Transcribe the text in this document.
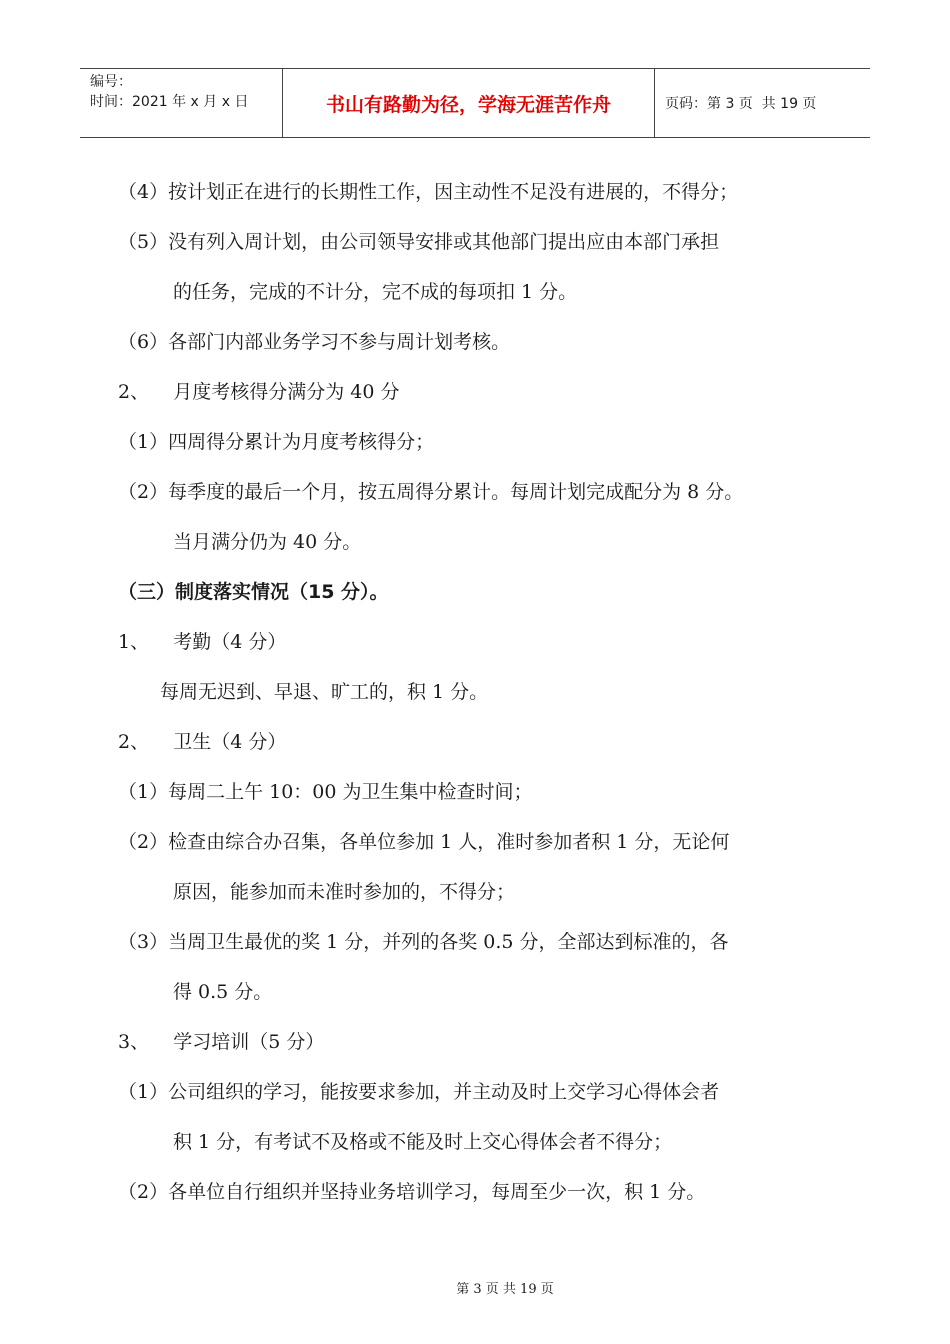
编号：
时间：2021 年 x 月 x 日	书山有路勤为径，学海无涯苦作舟	页码：第 3 页  共 19 页
（4）按计划正在进行的长期性工作，因主动性不足没有进展的，不得分；
（5）没有列入周计划，由公司领导安排或其他部门提出应由本部门承担
的任务，完成的不计分，完不成的每项扣 1 分。
（6）各部门内部业务学习不参与周计划考核。
2、    月度考核得分满分为 40 分
（1）四周得分累计为月度考核得分；
（2）每季度的最后一个月，按五周得分累计。每周计划完成配分为 8 分。
当月满分仍为 40 分。
（三）制度落实情况（15 分）。
1、    考勤（4 分）
每周无迟到、早退、旷工的，积 1 分。
2、    卫生（4 分）
（1）每周二上午 10：00 为卫生集中检查时间；
（2）检查由综合办召集，各单位参加 1 人，准时参加者积 1 分，无论何
原因，能参加而未准时参加的，不得分；
（3）当周卫生最优的奖 1 分，并列的各奖 0.5 分，全部达到标准的，各
得 0.5 分。
3、    学习培训（5 分）
（1）公司组织的学习，能按要求参加，并主动及时上交学习心得体会者
积 1 分，有考试不及格或不能及时上交心得体会者不得分；
（2）各单位自行组织并坚持业务培训学习，每周至少一次，积 1 分。
第 3 页 共 19 页
